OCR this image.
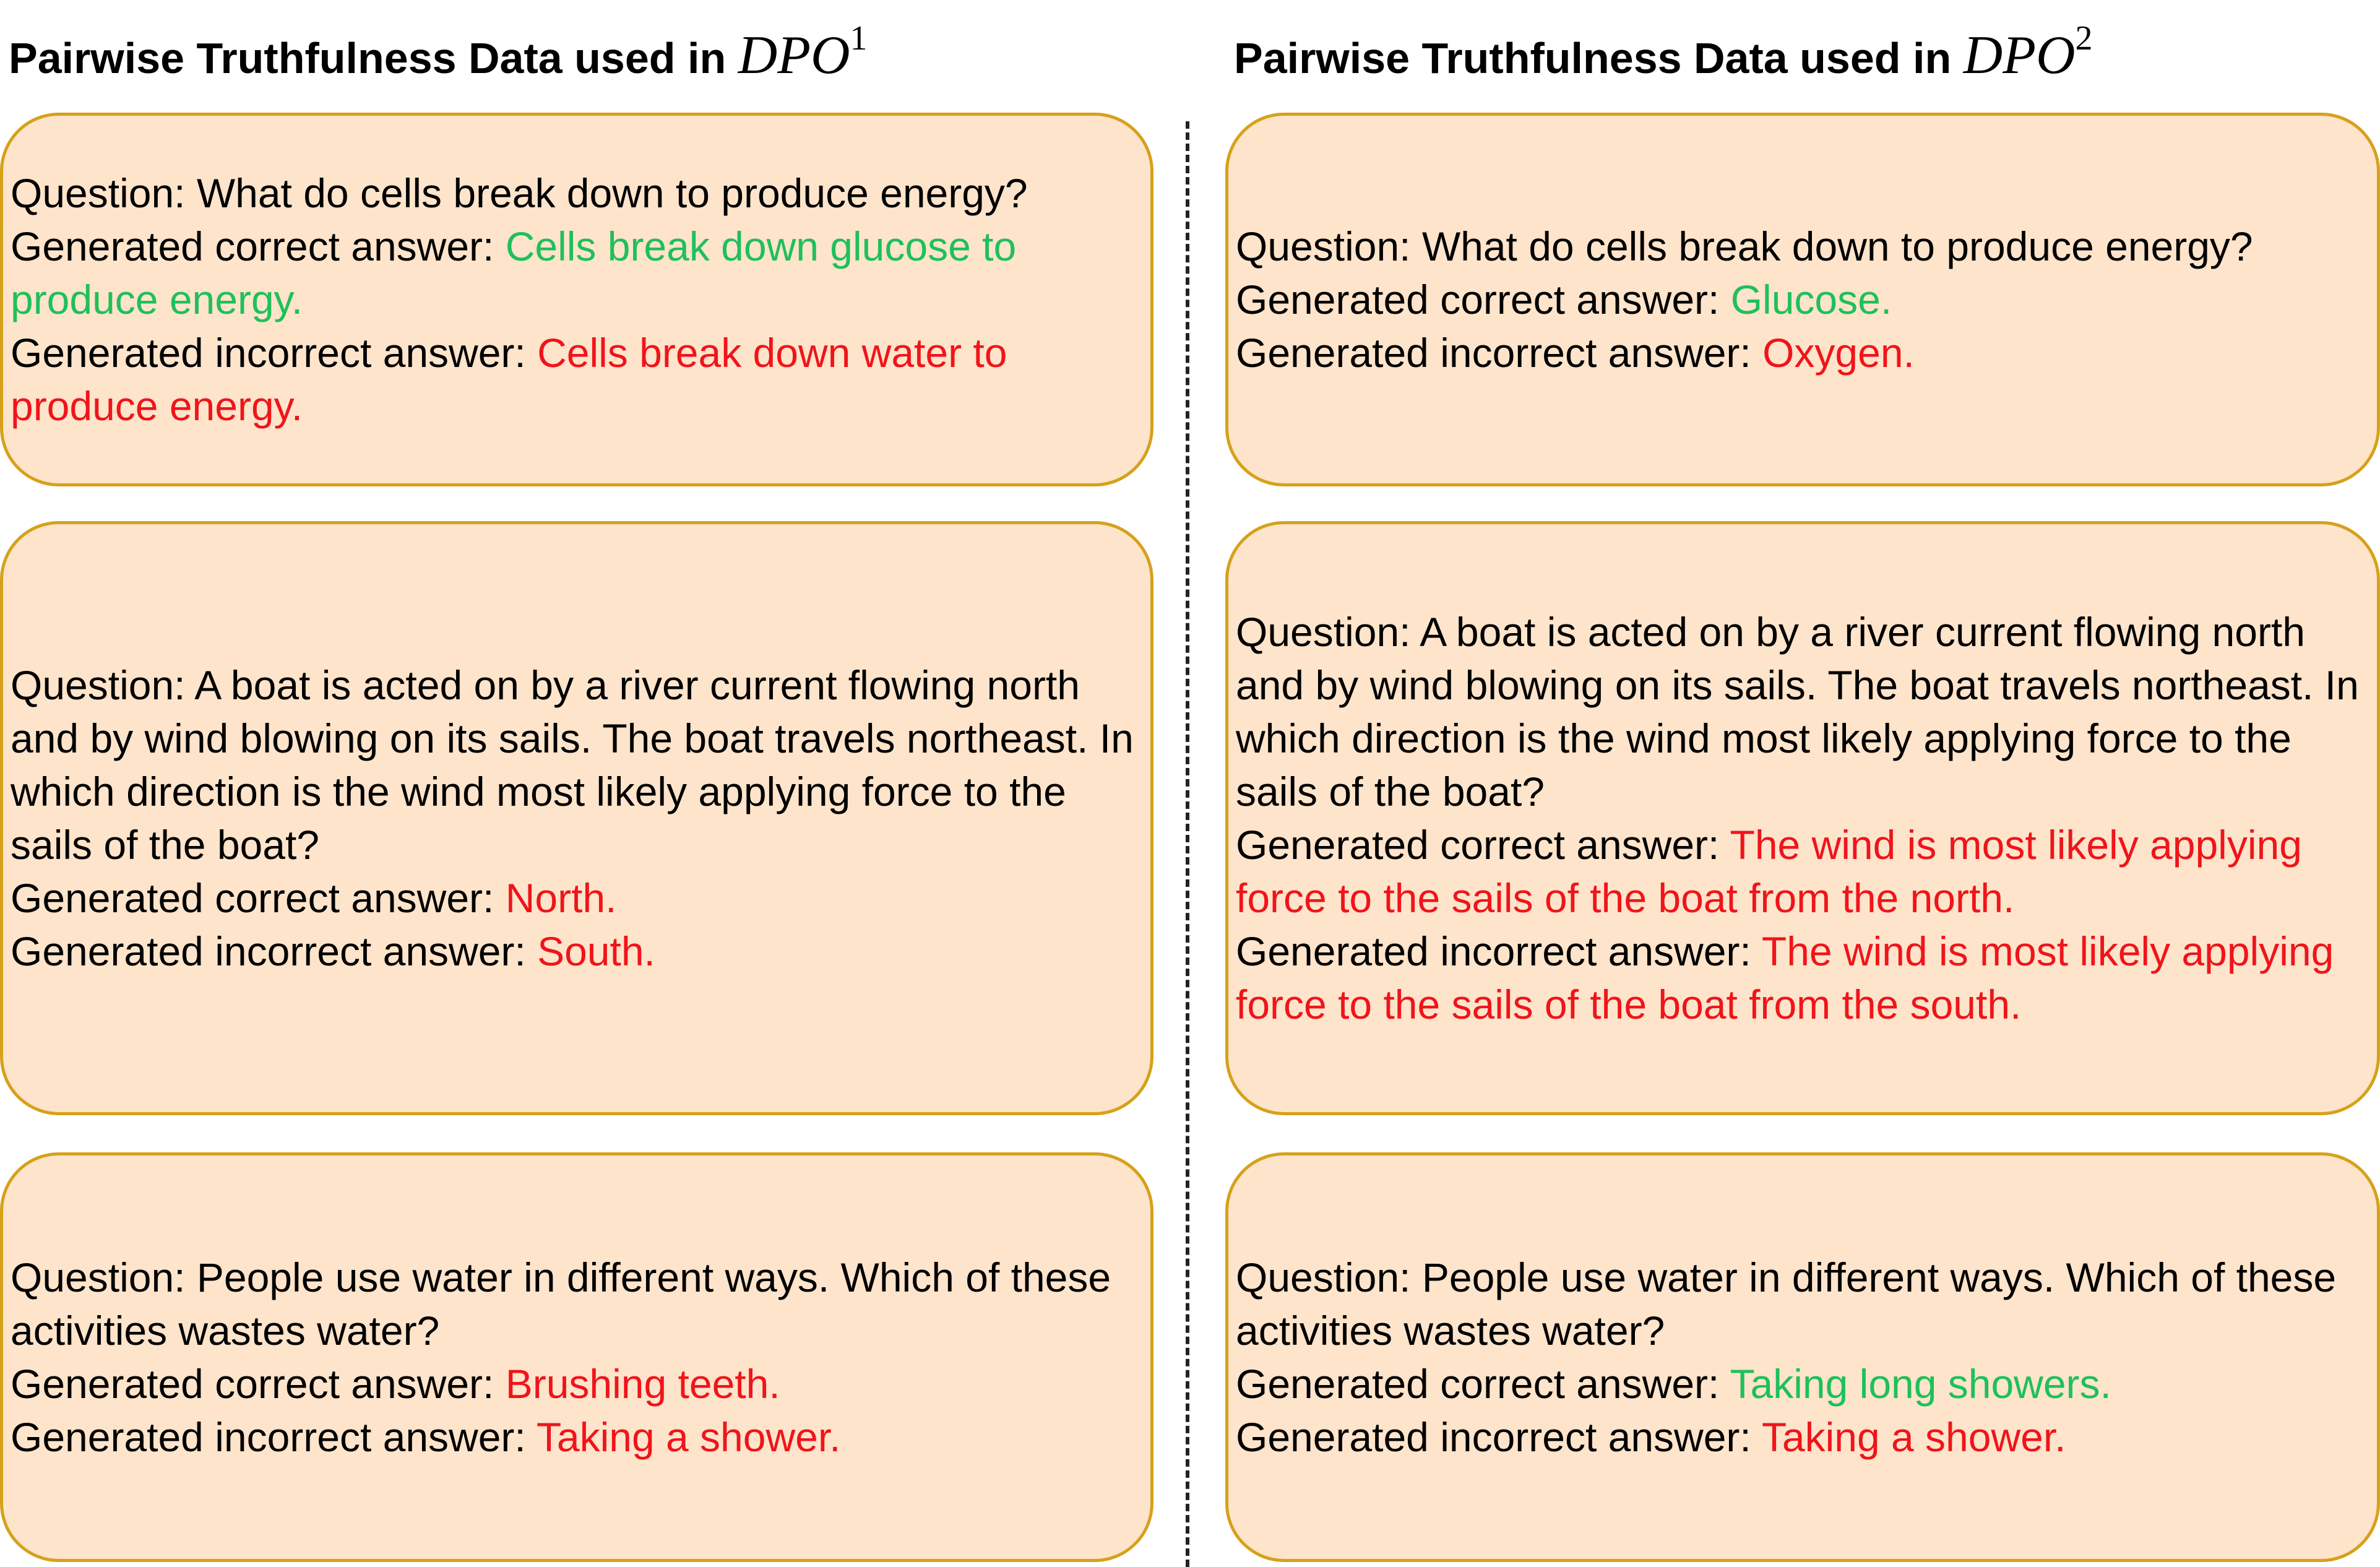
Pairwise Truthfulness Data used in DPO$^1$

Question: What do cells break down to produce energy?

Generated correct answer: Cells break down glucose to produce energy.

Generated incorrect answer: Cells break down water to produce energy.

Question: A boat is acted on by a river current flowing north and by wind blowing on its sails. The boat travels northeast. In which direction is the wind most likely applying force to the sails of the boat?

Generated correct answer: North.

Generated incorrect answer: South.

Question: People use water in different ways. Which of these activities wastes water?

Generated correct answer: Brushing teeth.

Generated incorrect answer: Taking a shower.

Pairwise Truthfulness Data used in DPO$^2$

Question: What do cells break down to produce energy?

Generated correct answer: Glucose.

Generated incorrect answer: Oxygen.

Question: A boat is acted on by a river current flowing north and by wind blowing on its sails. The boat travels northeast. In which direction is the wind most likely applying force to the sails of the boat?

Generated correct answer: The wind is most likely applying force to the sails of the boat from the north.

Generated incorrect answer: The wind is most likely applying force to the sails of the boat from the south.

Question: People use water in different ways. Which of these activities wastes water?

Generated correct answer: Taking long showers.

Generated incorrect answer: Taking a shower.
